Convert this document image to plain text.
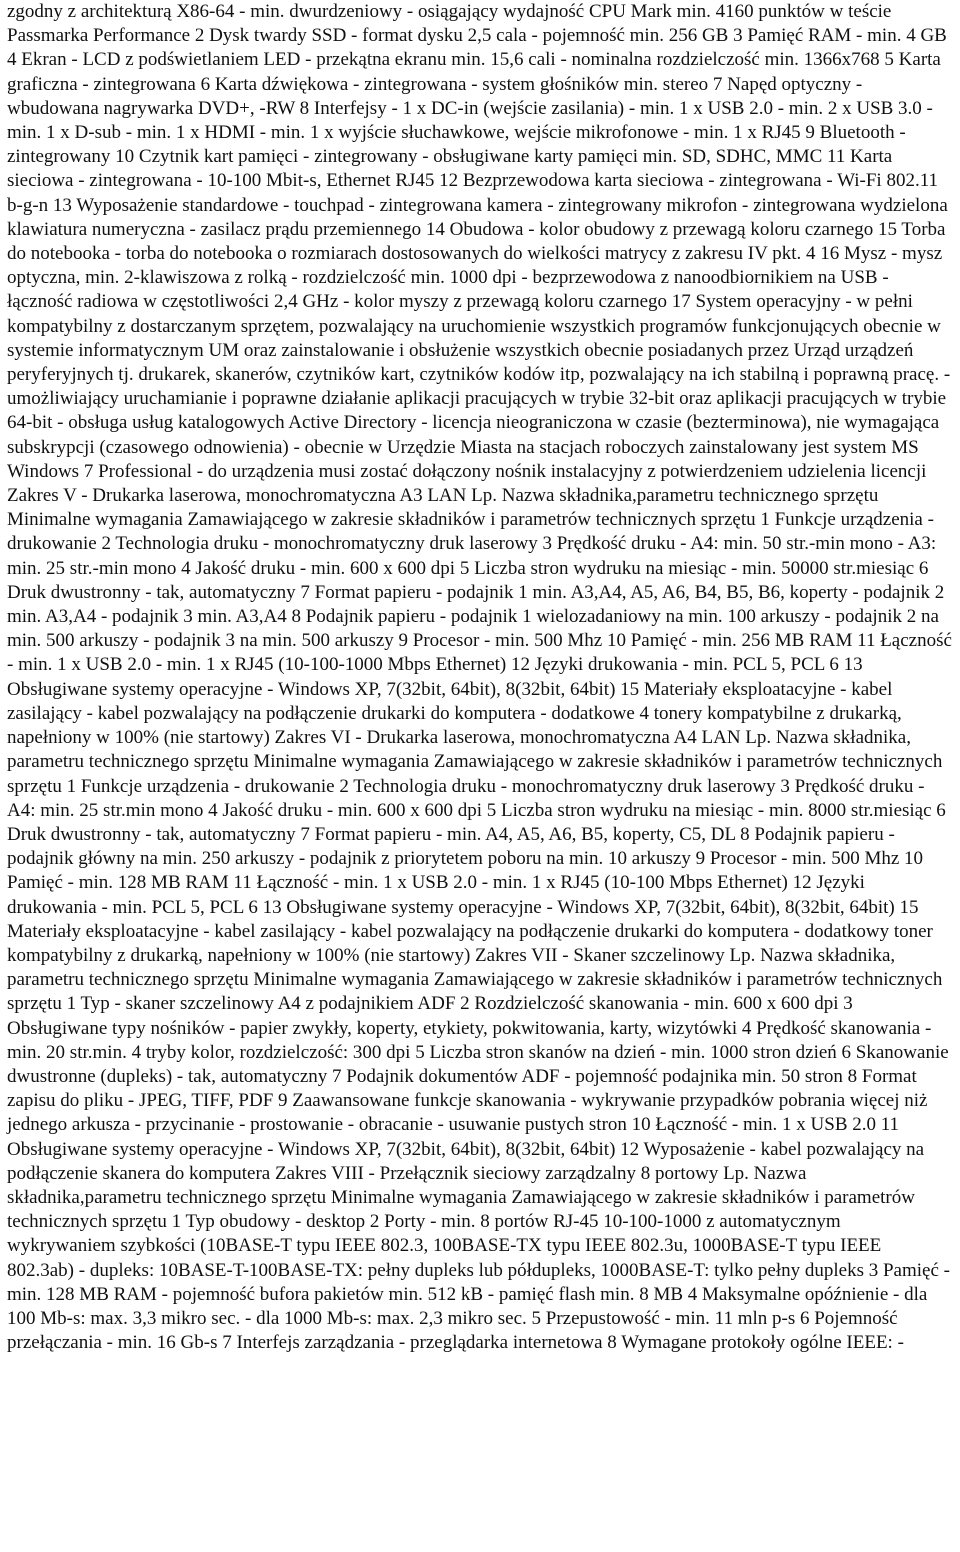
zgodny z architekturą X86-64 - min. dwurdzeniowy - osiągający wydajność CPU Mark min. 4160 punktów w teście Passmarka Performance 2 Dysk twardy SSD - format dysku 2,5 cala - pojemność min. 256 GB 3 Pamięć RAM - min. 4 GB 4 Ekran - LCD z podświetlaniem LED - przekątna ekranu min. 15,6 cali - nominalna rozdzielczość min. 1366x768 5 Karta graficzna - zintegrowana 6 Karta dźwiękowa - zintegrowana - system głośników min. stereo 7 Napęd optyczny - wbudowana nagrywarka DVD+, -RW 8 Interfejsy - 1 x DC-in (wejście zasilania) - min. 1 x USB 2.0 - min. 2 x USB 3.0 - min. 1 x D-sub - min. 1 x HDMI - min. 1 x wyjście słuchawkowe, wejście mikrofonowe - min. 1 x RJ45 9 Bluetooth - zintegrowany 10 Czytnik kart pamięci - zintegrowany - obsługiwane karty pamięci min. SD, SDHC, MMC 11 Karta sieciowa - zintegrowana - 10-100 Mbit-s, Ethernet RJ45 12 Bezprzewodowa karta sieciowa - zintegrowana - Wi-Fi 802.11 b-g-n 13 Wyposażenie standardowe - touchpad - zintegrowana kamera - zintegrowany mikrofon - zintegrowana wydzielona klawiatura numeryczna - zasilacz prądu przemiennego 14 Obudowa - kolor obudowy z przewagą koloru czarnego 15 Torba do notebooka - torba do notebooka o rozmiarach dostosowanych do wielkości matrycy z zakresu IV pkt. 4 16 Mysz - mysz optyczna, min. 2-klawiszowa z rolką - rozdzielczość min. 1000 dpi - bezprzewodowa z nanoodbiornikiem na USB - łączność radiowa w częstotliwości 2,4 GHz - kolor myszy z przewagą koloru czarnego 17 System operacyjny - w pełni kompatybilny z dostarczanym sprzętem, pozwalający na uruchomienie wszystkich programów funkcjonujących obecnie w systemie informatycznym UM oraz zainstalowanie i obsłużenie wszystkich obecnie posiadanych przez Urząd urządzeń peryferyjnych tj. drukarek, skanerów, czytników kart, czytników kodów itp, pozwalający na ich stabilną i poprawną pracę. - umożliwiający uruchamianie i poprawne działanie aplikacji pracujących w trybie 32-bit oraz aplikacji pracujących w trybie 64-bit - obsługa usług katalogowych Active Directory - licencja nieograniczona w czasie (bezterminowa), nie wymagająca subskrypcji (czasowego odnowienia) - obecnie w Urzędzie Miasta na stacjach roboczych zainstalowany jest system MS Windows 7 Professional - do urządzenia musi zostać dołączony nośnik instalacyjny z potwierdzeniem udzielenia licencji Zakres V - Drukarka laserowa, monochromatyczna A3 LAN Lp. Nazwa składnika,parametru technicznego sprzętu Minimalne wymagania Zamawiającego w zakresie składników i parametrów technicznych sprzętu 1 Funkcje urządzenia - drukowanie 2 Technologia druku - monochromatyczny druk laserowy 3 Prędkość druku - A4: min. 50 str.-min mono - A3: min. 25 str.-min mono 4 Jakość druku - min. 600 x 600 dpi 5 Liczba stron wydruku na miesiąc - min. 50000 str.miesiąc 6 Druk dwustronny - tak, automatyczny 7 Format papieru - podajnik 1 min. A3,A4, A5, A6, B4, B5, B6, koperty - podajnik 2 min. A3,A4 - podajnik 3 min. A3,A4 8 Podajnik papieru - podajnik 1 wielozadaniowy na min. 100 arkuszy - podajnik 2 na min. 500 arkuszy - podajnik 3 na min. 500 arkuszy 9 Procesor - min. 500 Mhz 10 Pamięć - min. 256 MB RAM 11 Łączność - min. 1 x USB 2.0 - min. 1 x RJ45 (10-100-1000 Mbps Ethernet) 12 Języki drukowania - min. PCL 5, PCL 6 13 Obsługiwane systemy operacyjne - Windows XP, 7(32bit, 64bit), 8(32bit, 64bit) 15 Materiały eksploatacyjne - kabel zasilający - kabel pozwalający na podłączenie drukarki do komputera - dodatkowe 4 tonery kompatybilne z drukarką, napełniony w 100% (nie startowy) Zakres VI - Drukarka laserowa, monochromatyczna A4 LAN Lp. Nazwa składnika, parametru technicznego sprzętu Minimalne wymagania Zamawiającego w zakresie składników i parametrów technicznych sprzętu 1 Funkcje urządzenia - drukowanie 2 Technologia druku - monochromatyczny druk laserowy 3 Prędkość druku - A4: min. 25 str.min mono 4 Jakość druku - min. 600 x 600 dpi 5 Liczba stron wydruku na miesiąc - min. 8000 str.miesiąc 6 Druk dwustronny - tak, automatyczny 7 Format papieru - min. A4, A5, A6, B5, koperty, C5, DL 8 Podajnik papieru - podajnik główny na min. 250 arkuszy - podajnik z priorytetem poboru na min. 10 arkuszy 9 Procesor - min. 500 Mhz 10 Pamięć - min. 128 MB RAM 11 Łączność - min. 1 x USB 2.0 - min. 1 x RJ45 (10-100 Mbps Ethernet) 12 Języki drukowania - min. PCL 5, PCL 6 13 Obsługiwane systemy operacyjne - Windows XP, 7(32bit, 64bit), 8(32bit, 64bit) 15 Materiały eksploatacyjne - kabel zasilający - kabel pozwalający na podłączenie drukarki do komputera - dodatkowy toner kompatybilny z drukarką, napełniony w 100% (nie startowy) Zakres VII - Skaner szczelinowy Lp. Nazwa składnika, parametru technicznego sprzętu Minimalne wymagania Zamawiającego w zakresie składników i parametrów technicznych sprzętu 1 Typ - skaner szczelinowy A4 z podajnikiem ADF 2 Rozdzielczość skanowania - min. 600 x 600 dpi 3 Obsługiwane typy nośników - papier zwykły, koperty, etykiety, pokwitowania, karty, wizytówki 4 Prędkość skanowania - min. 20 str.min. 4 tryby kolor, rozdzielczość: 300 dpi 5 Liczba stron skanów na dzień - min. 1000 stron dzień 6 Skanowanie dwustronne (dupleks) - tak, automatyczny 7 Podajnik dokumentów ADF - pojemność podajnika min. 50 stron 8 Format zapisu do pliku - JPEG, TIFF, PDF 9 Zaawansowane funkcje skanowania - wykrywanie przypadków pobrania więcej niż jednego arkusza - przycinanie - prostowanie - obracanie - usuwanie pustych stron 10 Łączność - min. 1 x USB 2.0 11 Obsługiwane systemy operacyjne - Windows XP, 7(32bit, 64bit), 8(32bit, 64bit) 12 Wyposażenie - kabel pozwalający na podłączenie skanera do komputera Zakres VIII - Przełącznik sieciowy zarządzalny 8 portowy Lp. Nazwa składnika,parametru technicznego sprzętu Minimalne wymagania Zamawiającego w zakresie składników i parametrów technicznych sprzętu 1 Typ obudowy - desktop 2 Porty - min. 8 portów RJ-45 10-100-1000 z automatycznym wykrywaniem szybkości (10BASE-T typu IEEE 802.3, 100BASE-TX typu IEEE 802.3u, 1000BASE-T typu IEEE 802.3ab) - dupleks: 10BASE-T-100BASE-TX: pełny dupleks lub półdupleks, 1000BASE-T: tylko pełny dupleks 3 Pamięć - min. 128 MB RAM - pojemność bufora pakietów min. 512 kB - pamięć flash min. 8 MB 4 Maksymalne opóźnienie - dla 100 Mb-s: max. 3,3 mikro sec. - dla 1000 Mb-s: max. 2,3 mikro sec. 5 Przepustowość - min. 11 mln p-s 6 Pojemność przełączania - min. 16 Gb-s 7 Interfejs zarządzania - przeglądarka internetowa 8 Wymagane protokoły ogólne IEEE: -
